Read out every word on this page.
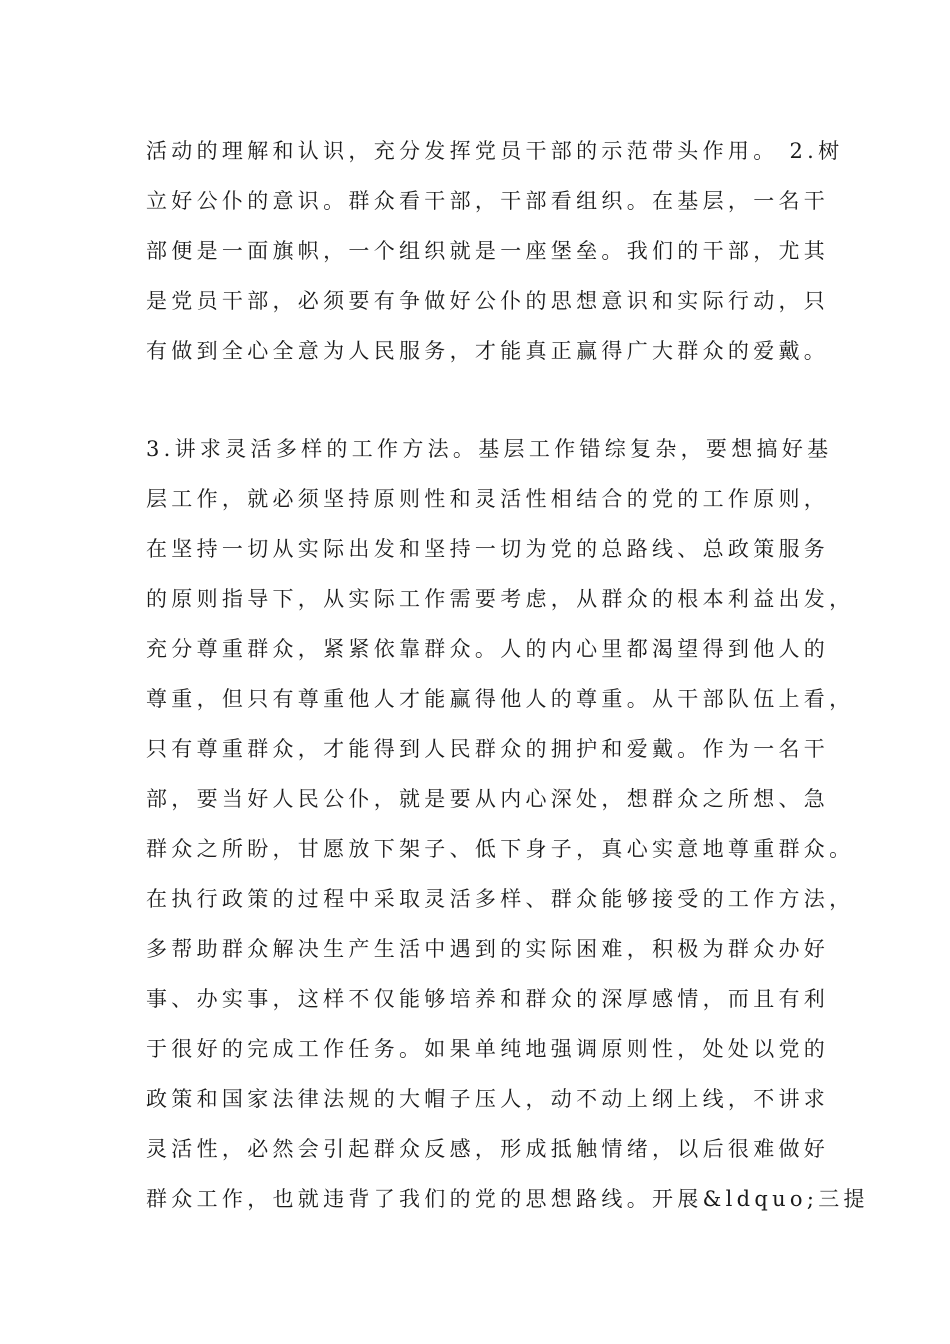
活动的理解和认识，充分发挥党员干部的示范带头作用。 2.树

立好公仆的意识。群众看干部，干部看组织。在基层，一名干

部便是一面旗帜，一个组织就是一座堡垒。我们的干部，尤其

是党员干部，必须要有争做好公仆的思想意识和实际行动，只

有做到全心全意为人民服务，才能真正赢得广大群众的爱戴。

3.讲求灵活多样的工作方法。基层工作错综复杂，要想搞好基

层工作，就必须坚持原则性和灵活性相结合的党的工作原则，

在坚持一切从实际出发和坚持一切为党的总路线、总政策服务

的原则指导下，从实际工作需要考虑，从群众的根本利益出发，

充分尊重群众，紧紧依靠群众。人的内心里都渴望得到他人的

尊重，但只有尊重他人才能赢得他人的尊重。从干部队伍上看，

只有尊重群众，才能得到人民群众的拥护和爱戴。作为一名干

部，要当好人民公仆，就是要从内心深处，想群众之所想、急

群众之所盼，甘愿放下架子、低下身子，真心实意地尊重群众。

在执行政策的过程中采取灵活多样、群众能够接受的工作方法，

多帮助群众解决生产生活中遇到的实际困难，积极为群众办好

事、办实事，这样不仅能够培养和群众的深厚感情，而且有利

于很好的完成工作任务。如果单纯地强调原则性，处处以党的

政策和国家法律法规的大帽子压人，动不动上纲上线，不讲求

灵活性，必然会引起群众反感，形成抵触情绪，以后很难做好

群众工作，也就违背了我们的党的思想路线。开展&ldquo;三提
